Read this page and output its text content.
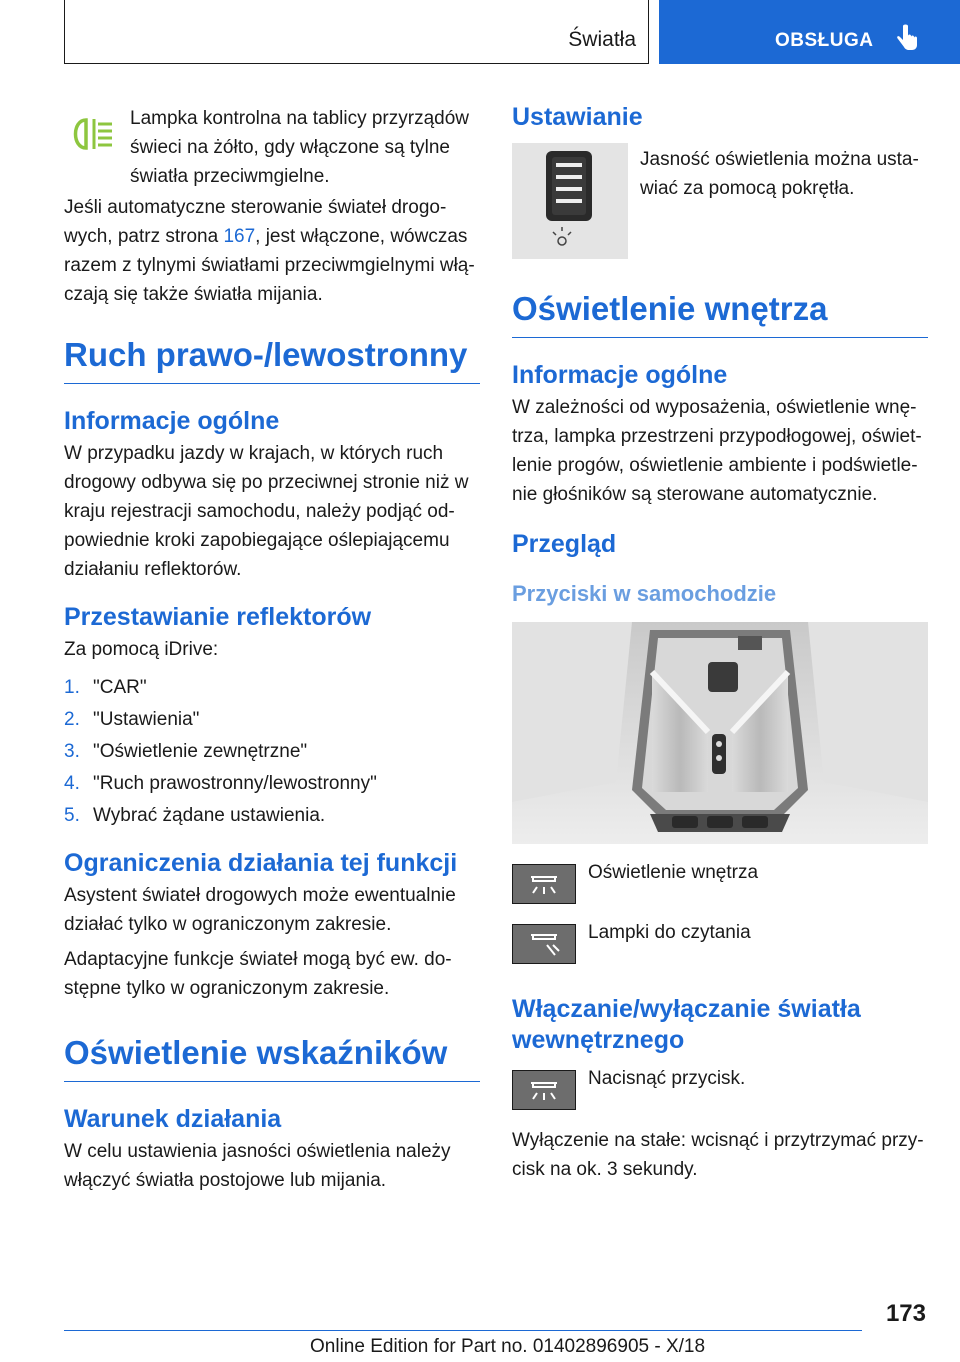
Światła	OBSŁUGA

Lampka kontrolna na tablicy przyrządów świeci na żółto, gdy włączone są tylne światła przeciwmgielne.

Jeśli automatyczne sterowanie świateł drogo-
wych, patrz strona 167, jest włączone, wówczas
razem z tylnymi światłami przeciwmgielnymi włą-
czają się także światła mijania.
Ruch prawo-/lewostronny
Informacje ogólne

W przypadku jazdy w krajach, w których ruch drogowy odbywa się po przeciwnej stronie niż w kraju rejestracji samochodu, należy podjąć od-powiednie kroki zapobiegające oślepiającemu działaniu reflektorów.

Przestawianie reflektorów

Za pomocą iDrive:

1. "CAR"
2. "Ustawienia"
3. "Oświetlenie zewnętrzne"
4. "Ruch prawostronny/lewostronny"
5. Wybrać żądane ustawienia.
Ograniczenia działania tej funkcji

Asystent świateł drogowych może ewentualnie działać tylko w ograniczonym zakresie.

Adaptacyjne funkcje świateł mogą być ew. do-stępne tylko w ograniczonym zakresie.

Oświetlenie wskaźników
Warunek działania

W celu ustawienia jasności oświetlenia należy włączyć światła postojowe lub mijania.

Ustawianie

Jasność oświetlenia można usta-wiać za pomocą pokrętła.

Oświetlenie wnętrza
Informacje ogólne

W zależności od wyposażenia, oświetlenie wnę-trza, lampka przestrzeni przypodłogowej, oświet-lenie progów, oświetlenie ambiente i podświetle-nie głośników są sterowane automatycznie.

Przegląd
Przyciski w samochodzie
Oświetlenie wnętrza
Lampki do czytania
Włączanie/wyłączanie światła wewnętrznego
Nacisnąć przycisk.

Wyłączenie na stałe: wcisnąć i przytrzymać przy-cisk na ok. 3 sekundy.

173
Online Edition for Part no. 01402896905 - X/18
